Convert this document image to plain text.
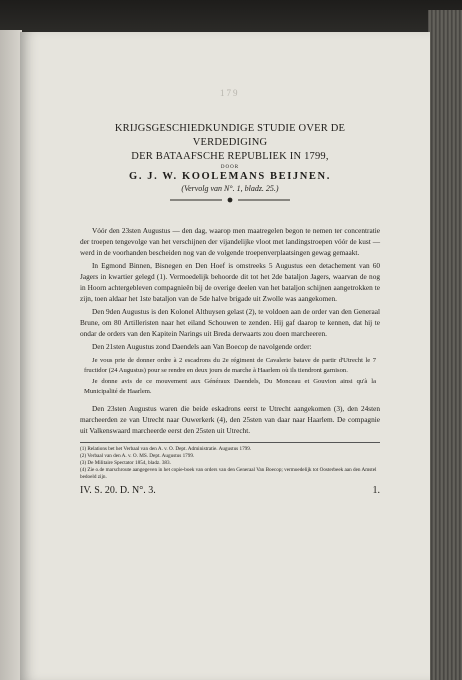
179
KRIJGSGESCHIEDKUNDIGE STUDIE OVER DE VERDEDIGING
DER BATAAFSCHE REPUBLIEK IN 1799,
DOOR
G. J. W. KOOLEMANS BEIJNEN.
(Vervolg van N°. 1, bladz. 25.)

Vóór den 23sten Augustus — den dag, waarop men maatregelen begon te nemen ter concentratie der troepen tengevolge van het verschijnen der vijandelijke vloot met landingstroepen vóór de kust — werd in de voorhanden bescheiden nog van de volgende troepenverplaatsingen gewag gemaakt.

In Egmond Binnen, Bisnegen en Den Hoef is omstreeks 5 Augustus een detachement van 60 Jagers in kwartier gelegd (1). Vermoedelijk behoorde dit tot het 2de bataljon Jagers, waarvan de nog in Hoorn achtergebleven compagnieën bij de overige deelen van het bataljon schijnen aangetrokken te zijn, toen aldaar het 1ste bataljon van de 5de halve brigade uit Zwolle was aangekomen.

Den 9den Augustus is den Kolonel Althuysen gelast (2), te voldoen aan de order van den Generaal Brune, om 80 Artilleristen naar het eiland Schouwen te zenden. Hij gaf daarop te kennen, dat hij te ondar de orders van den Kapitein Narings uit Breda derwaarts zou doen marcheeren.

Den 21sten Augustus zond Daendels aan Van Boecop de navolgende order:

Je vous prie de donner ordre à 2 escadrons du 2e régiment de Cavalerie batave de partir d'Utrecht le 7 fructidor (24 Augustus) pour se rendre en deux jours de marche à Haarlem où ils tiendront garnison.

Je donne avis de ce mouvement aux Généraux Daendels, Du Monceau et Gouvion ainsi qu'à la Municipalité de Haarlem.

Den 23sten Augustus waren die beide eskadrons eerst te Utrecht aangekomen (3), den 24sten marcheerden ze van Utrecht naar Ouwerkerk (4), den 25sten van daar naar Haarlem. De compagnie uit Valkenswaard marcheerde eerst den 25sten uit Utrecht.

(1) Relations bet het Verbaal van den A. v. O. Dept. Administratie. Augustus 1799.
(2) Verbaal van den A. v. O. MS. Dept. Augustus 1799.
(3) De Militaire Spectator 1854, bladz. 383.
(4) Zie o.de marschroute aangegeven in het copie-boek van orders van den Generaal Van Boecop; vermoedelijk tot Oosterbeek aan den Amstel bedoeld zijn.
IV. S. 20. D. N°. 3.	1.
